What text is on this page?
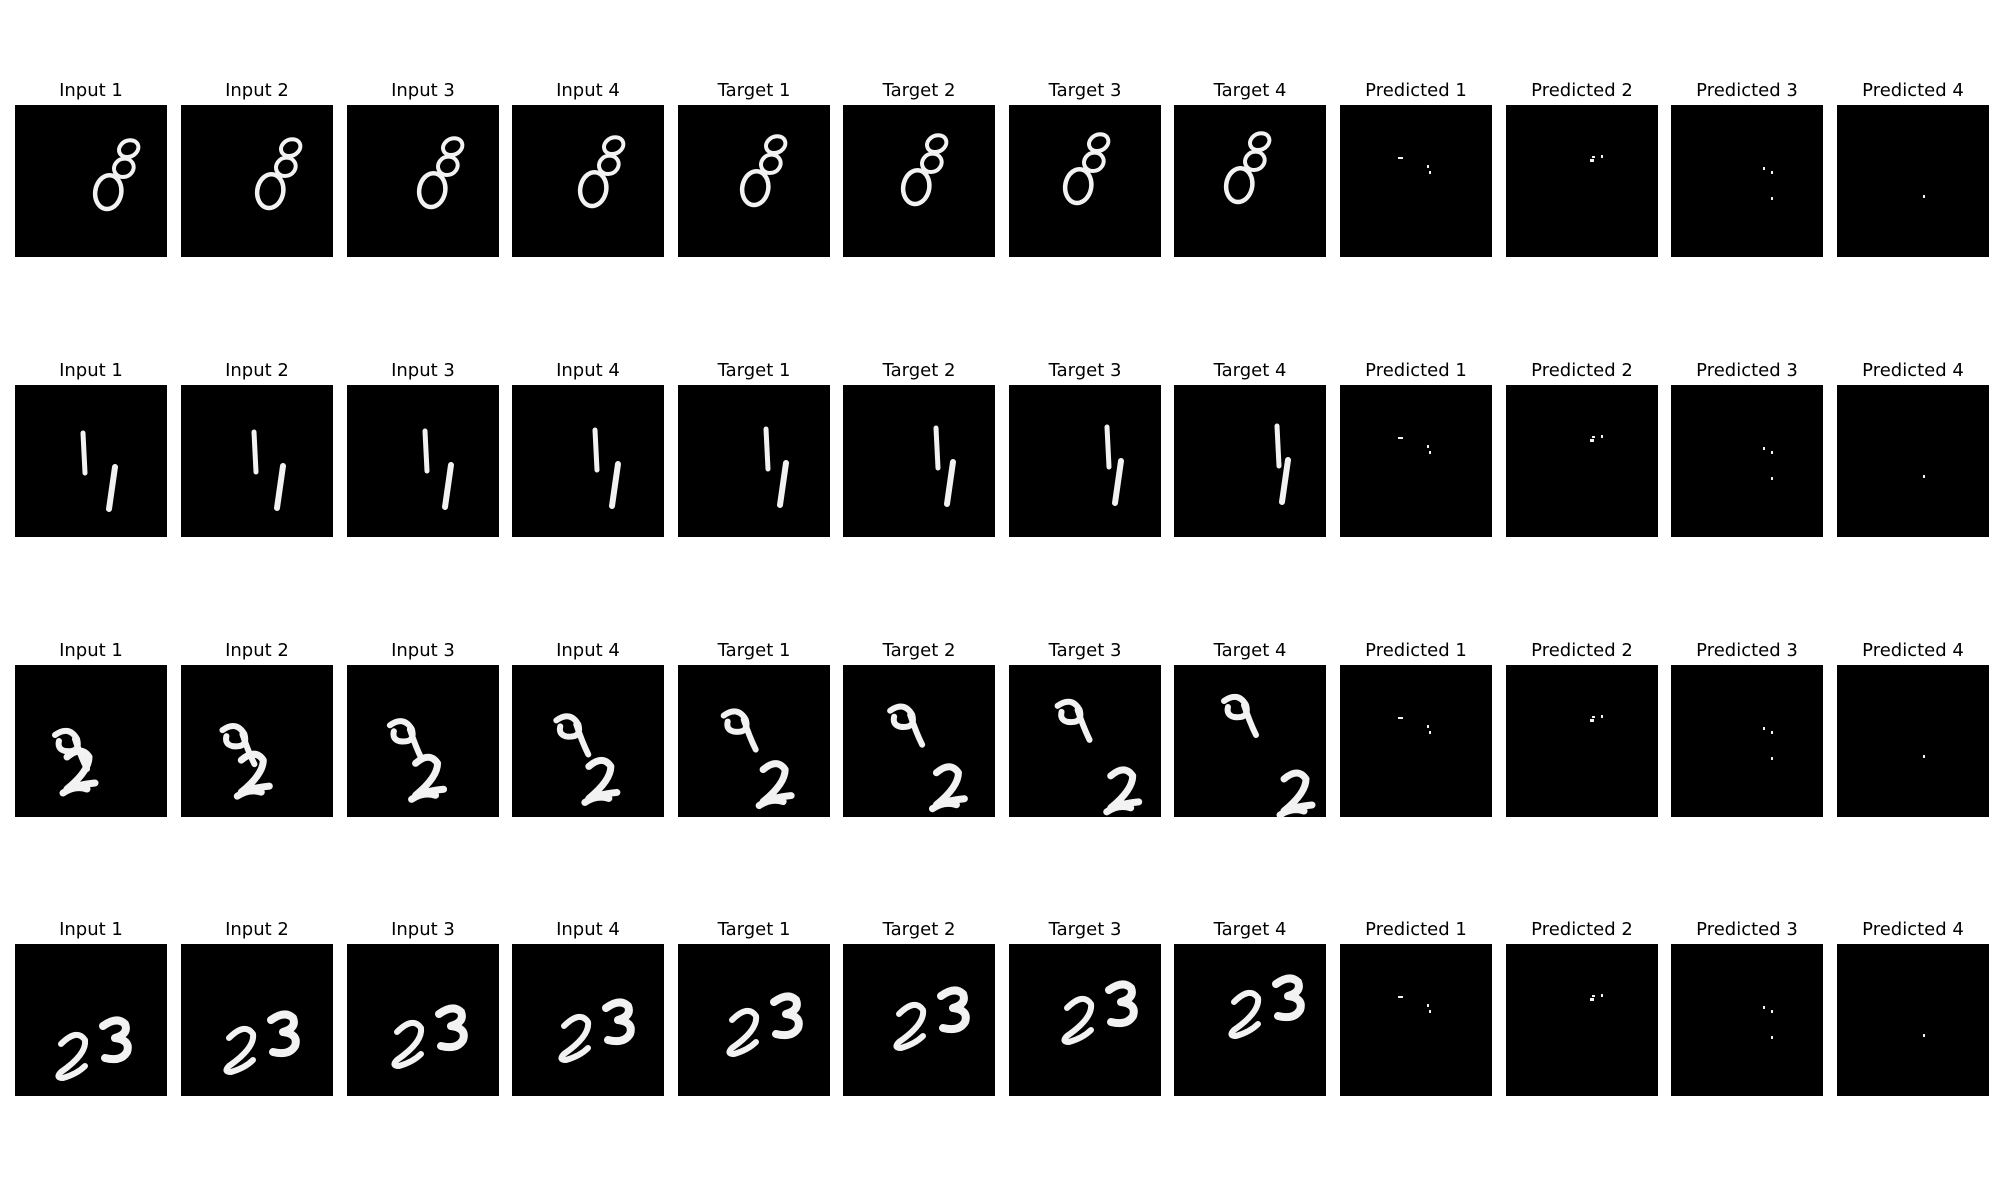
Input 1	Input 2	Input 3	Input 4	Target 1	Target 2	Target 3	Target 4	Predicted 1	Predicted 2	Predicted 3	Predicted 4
Input 1	Input 2	Input 3	Input 4	Target 1	Target 2	Target 3	Target 4	Predicted 1	Predicted 2	Predicted 3	Predicted 4
Input 1	Input 2	Input 3	Input 4	Target 1	Target 2	Target 3	Target 4	Predicted 1	Predicted 2	Predicted 3	Predicted 4
Input 1	Input 2	Input 3	Input 4	Target 1	Target 2	Target 3	Target 4	Predicted 1	Predicted 2	Predicted 3	Predicted 4
